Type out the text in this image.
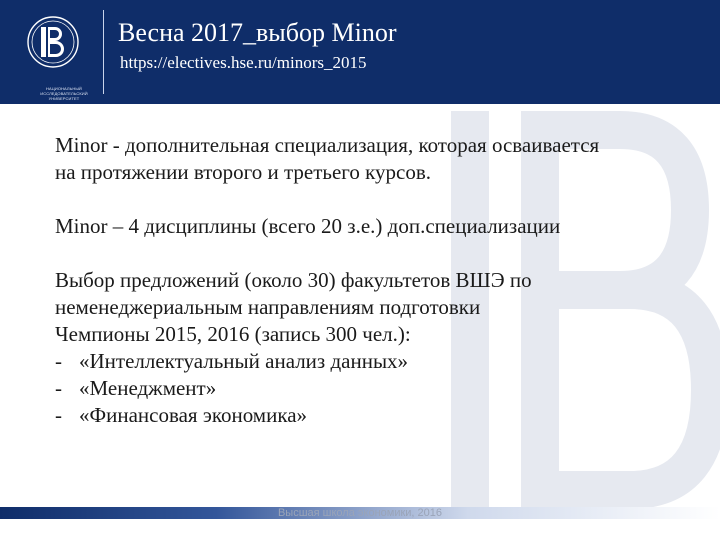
НАЦИОНАЛЬНЫЙ ИССЛЕДОВАТЕЛЬСКИЙ
УНИВЕРСИТЕТ
Весна 2017_выбор Minor
https://electives.hse.ru/minors_2015

Minor - дополнительная специализация, которая осваивается
на протяжении второго и третьего курсов.

Minor – 4 дисциплины (всего 20 з.е.) доп.специализации

Выбор предложений (около 30) факультетов ВШЭ по
неменеджериальным направлениям подготовки
Чемпионы 2015, 2016 (запись 300 чел.):

- «Интеллектуальный анализ данных»
- «Менеджмент»
- «Финансовая экономика»
Высшая школа экономики, 2016
